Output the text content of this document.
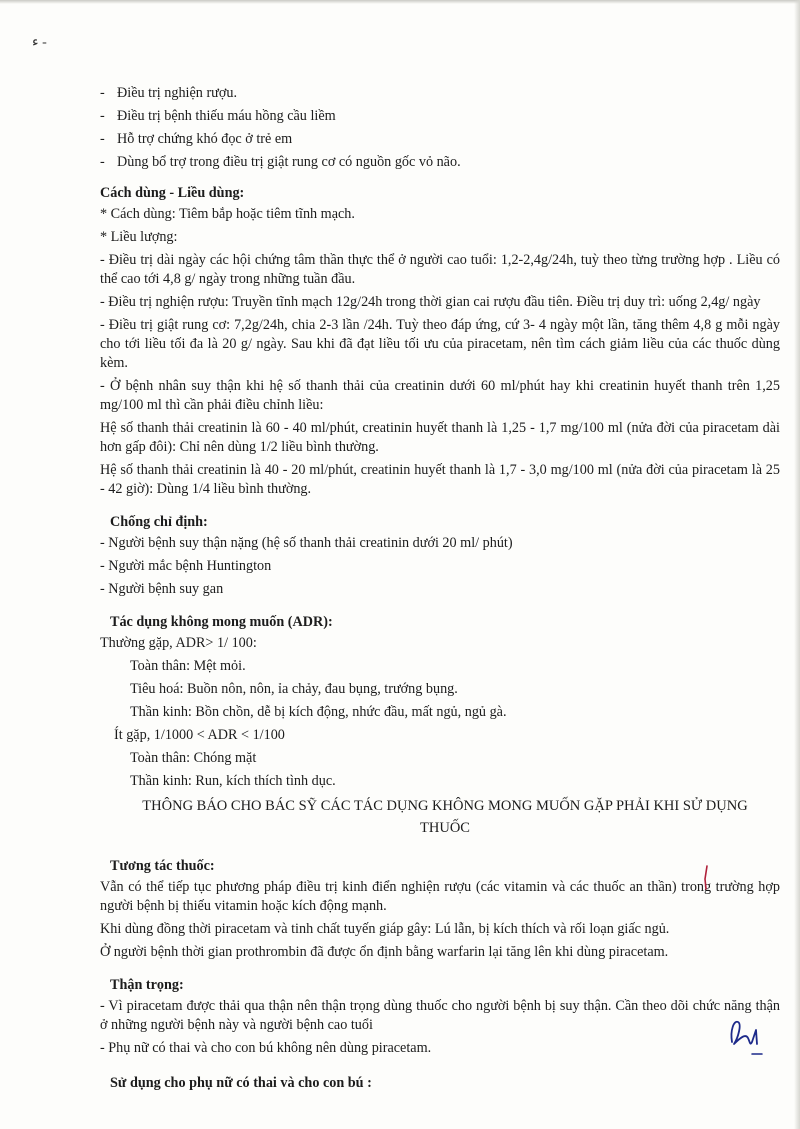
ء -
- Điều trị nghiện rượu.
- Điều trị bệnh thiếu máu hồng cầu liềm
- Hỗ trợ chứng khó đọc ở trẻ em
- Dùng bổ trợ trong điều trị giật rung cơ có nguồn gốc vỏ não.
Cách dùng - Liều dùng:

* Cách dùng: Tiêm bắp hoặc tiêm tĩnh mạch.

* Liều lượng:

- Điều trị dài ngày các hội chứng tâm thần thực thể ở người cao tuổi: 1,2-2,4g/24h, tuỳ theo từng trường hợp . Liều có thể cao tới 4,8 g/ ngày trong những tuần đầu.

- Điều trị nghiện rượu: Truyền tĩnh mạch 12g/24h trong thời gian cai rượu đầu tiên. Điều trị duy trì: uống 2,4g/ ngày

- Điều trị giật rung cơ: 7,2g/24h, chia 2-3 lần /24h. Tuỳ theo đáp ứng, cứ 3- 4 ngày một lần, tăng thêm 4,8 g mỗi ngày cho tới liều tối đa là 20 g/ ngày. Sau khi đã đạt liều tối ưu của piracetam, nên tìm cách giảm liều của các thuốc dùng kèm.

- Ở bệnh nhân suy thận khi hệ số thanh thải của creatinin dưới 60 ml/phút hay khi creatinin huyết thanh trên 1,25 mg/100 ml thì cần phải điều chỉnh liều:

Hệ số thanh thải creatinin là 60 - 40 ml/phút, creatinin huyết thanh là 1,25 - 1,7 mg/100 ml (nửa đời của piracetam dài hơn gấp đôi): Chỉ nên dùng 1/2 liều bình thường.

Hệ số thanh thải creatinin là 40 - 20 ml/phút, creatinin huyết thanh là 1,7 - 3,0 mg/100 ml (nửa đời của piracetam là 25 - 42 giờ): Dùng 1/4 liều bình thường.

Chống chỉ định:

- Người bệnh suy thận nặng (hệ số thanh thải creatinin dưới 20 ml/ phút)

- Người mắc bệnh Huntington

- Người bệnh suy gan

Tác dụng không mong muốn (ADR):

Thường gặp, ADR> 1/ 100:

Toàn thân: Mệt mỏi.

Tiêu hoá: Buồn nôn, nôn, ỉa chảy, đau bụng, trướng bụng.

Thần kinh: Bồn chồn, dễ bị kích động, nhức đầu, mất ngủ, ngủ gà.

Ít gặp, 1/1000 < ADR < 1/100

Toàn thân: Chóng mặt

Thần kinh: Run, kích thích tình dục.

THÔNG BÁO CHO BÁC SỸ CÁC TÁC DỤNG KHÔNG MONG MUỐN GẶP PHẢI KHI SỬ DỤNG THUỐC
Tương tác thuốc:

Vẫn có thể tiếp tục phương pháp điều trị kinh điển nghiện rượu (các vitamin và các thuốc an thần) trong trường hợp người bệnh bị thiếu vitamin hoặc kích động mạnh.

Khi dùng đồng thời piracetam và tinh chất tuyến giáp gây: Lú lẫn, bị kích thích và rối loạn giấc ngủ.

Ở người bệnh thời gian prothrombin đã được ổn định bằng warfarin lại tăng lên khi dùng piracetam.

Thận trọng:

- Vì piracetam được thải qua thận nên thận trọng dùng thuốc cho người bệnh bị suy thận. Cần theo dõi chức năng thận ở những người bệnh này và người bệnh cao tuổi

- Phụ nữ có thai và cho con bú không nên dùng piracetam.

Sử dụng cho phụ nữ có thai và cho con bú :
